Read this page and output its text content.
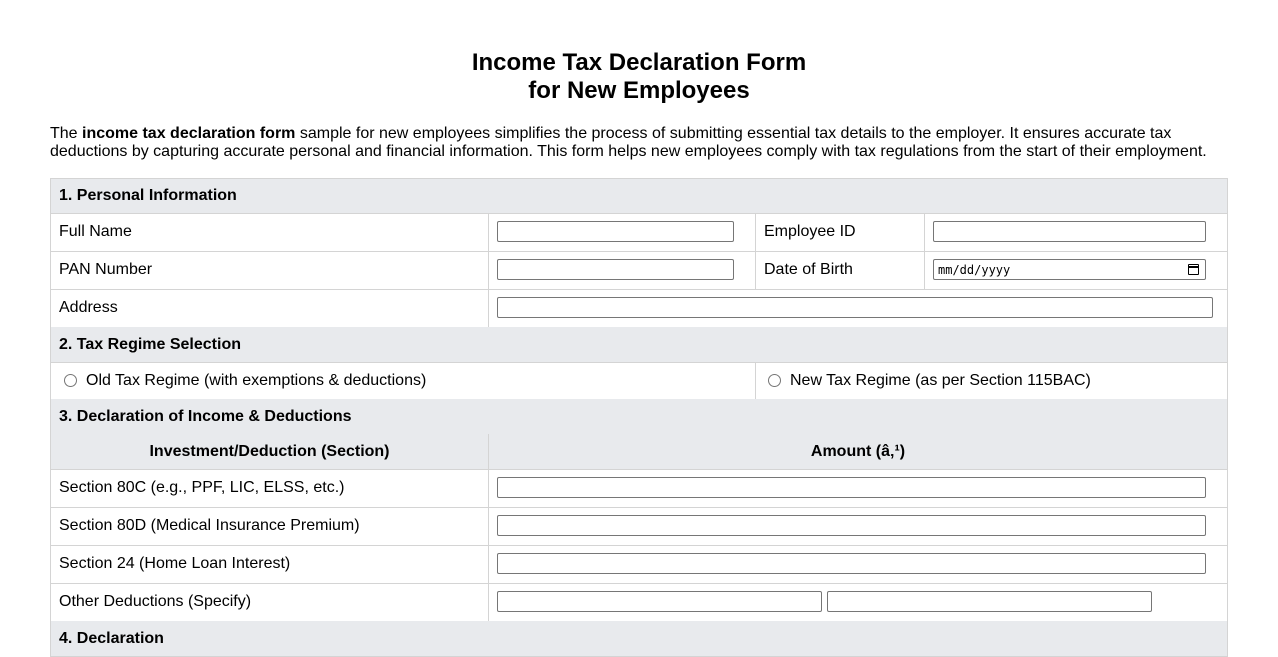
Income Tax Declaration Form
for New Employees
The income tax declaration form sample for new employees simplifies the process of submitting essential tax details to the employer. It ensures accurate tax deductions by capturing accurate personal and financial information. This form helps new employees comply with tax regulations from the start of their employment.
1. Personal Information
Full Name	Employee ID
PAN Number	Date of Birth	mm/dd/yyyy
Address
2. Tax Regime Selection
Old Tax Regime (with exemptions & deductions)	New Tax Regime (as per Section 115BAC)
3. Declaration of Income & Deductions
Investment/Deduction (Section)	Amount (â‚¹)
Section 80C (e.g., PPF, LIC, ELSS, etc.)
Section 80D (Medical Insurance Premium)
Section 24 (Home Loan Interest)
Other Deductions (Specify)
4. Declaration
